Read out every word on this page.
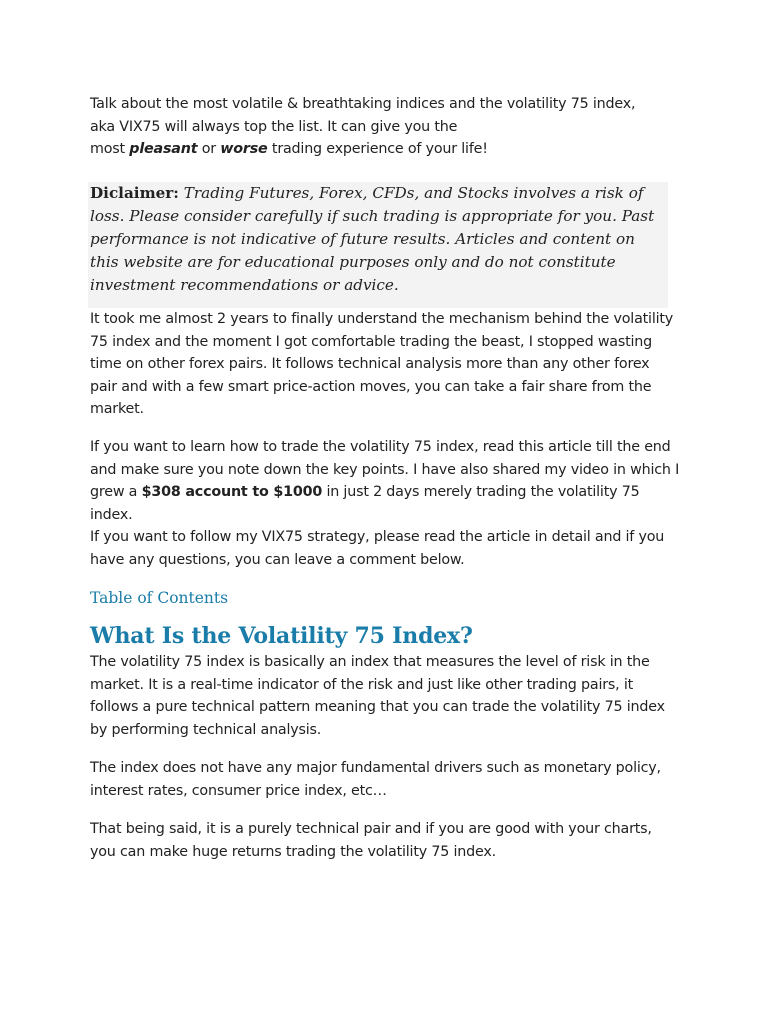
Talk about the most volatile & breathtaking indices and the volatility 75 index,
aka VIX75 will always top the list. It can give you the
most pleasant or worse trading experience of your life!

Diclaimer: Trading Futures, Forex, CFDs, and Stocks involves a risk of loss. Please consider carefully if such trading is appropriate for you. Past performance is not indicative of future results. Articles and content on this website are for educational purposes only and do not constitute investment recommendations or advice.

It took me almost 2 years to finally understand the mechanism behind the volatility 75 index and the moment I got comfortable trading the beast, I stopped wasting time on other forex pairs. It follows technical analysis more than any other forex pair and with a few smart price-action moves, you can take a fair share from the market.

If you want to learn how to trade the volatility 75 index, read this article till the end and make sure you note down the key points. I have also shared my video in which I grew a $308 account to $1000 in just 2 days merely trading the volatility 75 index.

If you want to follow my VIX75 strategy, please read the article in detail and if you have any questions, you can leave a comment below.

Table of Contents
What Is the Volatility 75 Index?

The volatility 75 index is basically an index that measures the level of risk in the market. It is a real-time indicator of the risk and just like other trading pairs, it follows a pure technical pattern meaning that you can trade the volatility 75 index by performing technical analysis.

The index does not have any major fundamental drivers such as monetary policy, interest rates, consumer price index, etc…

That being said, it is a purely technical pair and if you are good with your charts, you can make huge returns trading the volatility 75 index.
